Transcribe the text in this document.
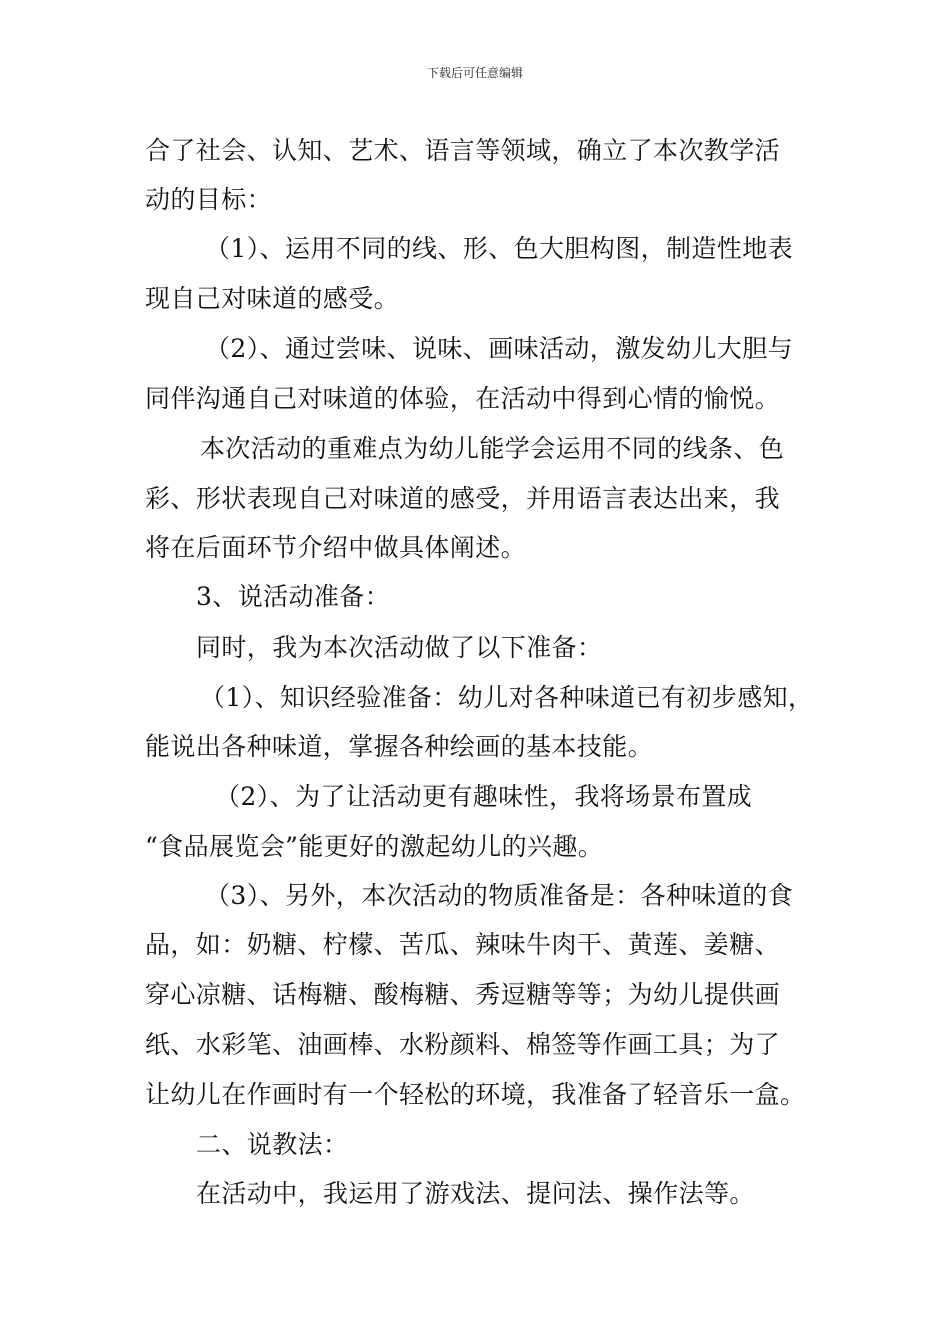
下载后可任意编辑
合了社会、认知、艺术、语言等领域，确立了本次教学活
动的目标：
（1）、运用不同的线、形、色大胆构图，制造性地表
现自己对味道的感受。
（2）、通过尝味、说味、画味活动，激发幼儿大胆与
同伴沟通自己对味道的体验，在活动中得到心情的愉悦。
本次活动的重难点为幼儿能学会运用不同的线条、色
彩、形状表现自己对味道的感受，并用语言表达出来，我
将在后面环节介绍中做具体阐述。
3、说活动准备：
同时，我为本次活动做了以下准备：
（1）、知识经验准备：幼儿对各种味道已有初步感知，
能说出各种味道，掌握各种绘画的基本技能。
（2）、为了让活动更有趣味性，我将场景布置成
“食品展览会”能更好的激起幼儿的兴趣。
（3）、另外，本次活动的物质准备是：各种味道的食
品，如：奶糖、柠檬、苦瓜、辣味牛肉干、黄莲、姜糖、
穿心凉糖、话梅糖、酸梅糖、秀逗糖等等；为幼儿提供画
纸、水彩笔、油画棒、水粉颜料、棉签等作画工具；为了
让幼儿在作画时有一个轻松的环境，我准备了轻音乐一盒。
二、说教法：
在活动中，我运用了游戏法、提问法、操作法等。
